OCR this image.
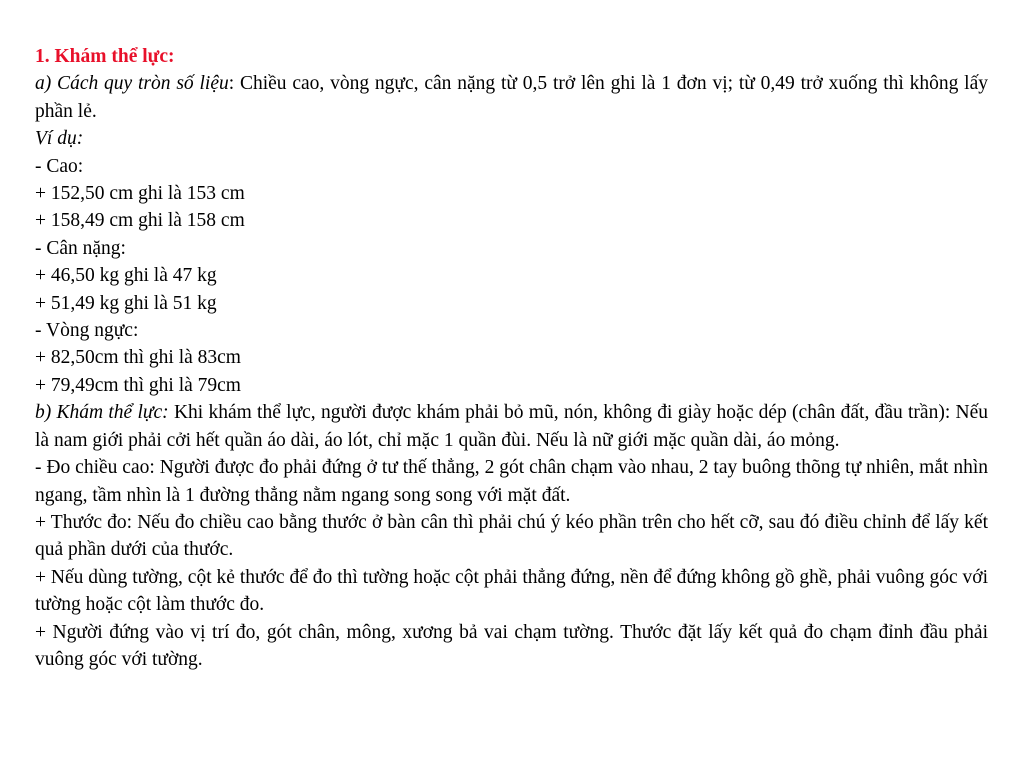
1. Khám thể lực:

a) Cách quy tròn số liệu: Chiều cao, vòng ngực, cân nặng từ 0,5 trở lên ghi là 1 đơn vị; từ 0,49 trở xuống thì không lấy phần lẻ.

Ví dụ:

- Cao:

+ 152,50 cm ghi là 153 cm

+ 158,49 cm ghi là 158 cm

- Cân nặng:

+ 46,50 kg ghi là 47 kg

+ 51,49 kg ghi là 51 kg

- Vòng ngực:

+ 82,50cm thì ghi là 83cm

+ 79,49cm thì ghi là 79cm

b) Khám thể lực: Khi khám thể lực, người được khám phải bỏ mũ, nón, không đi giày hoặc dép (chân đất, đầu trần): Nếu là nam giới phải cởi hết quần áo dài, áo lót, chỉ mặc 1 quần đùi. Nếu là nữ giới mặc quần dài, áo mỏng.

- Đo chiều cao: Người được đo phải đứng ở tư thế thẳng, 2 gót chân chạm vào nhau, 2 tay buông thõng tự nhiên, mắt nhìn ngang, tầm nhìn là 1 đường thẳng nằm ngang song song với mặt đất.

+ Thước đo: Nếu đo chiều cao bằng thước ở bàn cân thì phải chú ý kéo phần trên cho hết cỡ, sau đó điều chỉnh để lấy kết quả phần dưới của thước.

+ Nếu dùng tường, cột kẻ thước để đo thì tường hoặc cột phải thẳng đứng, nền để đứng không gồ ghề, phải vuông góc với tường hoặc cột làm thước đo.

+ Người đứng vào vị trí đo, gót chân, mông, xương bả vai chạm tường. Thước đặt lấy kết quả đo chạm đỉnh đầu phải vuông góc với tường.
